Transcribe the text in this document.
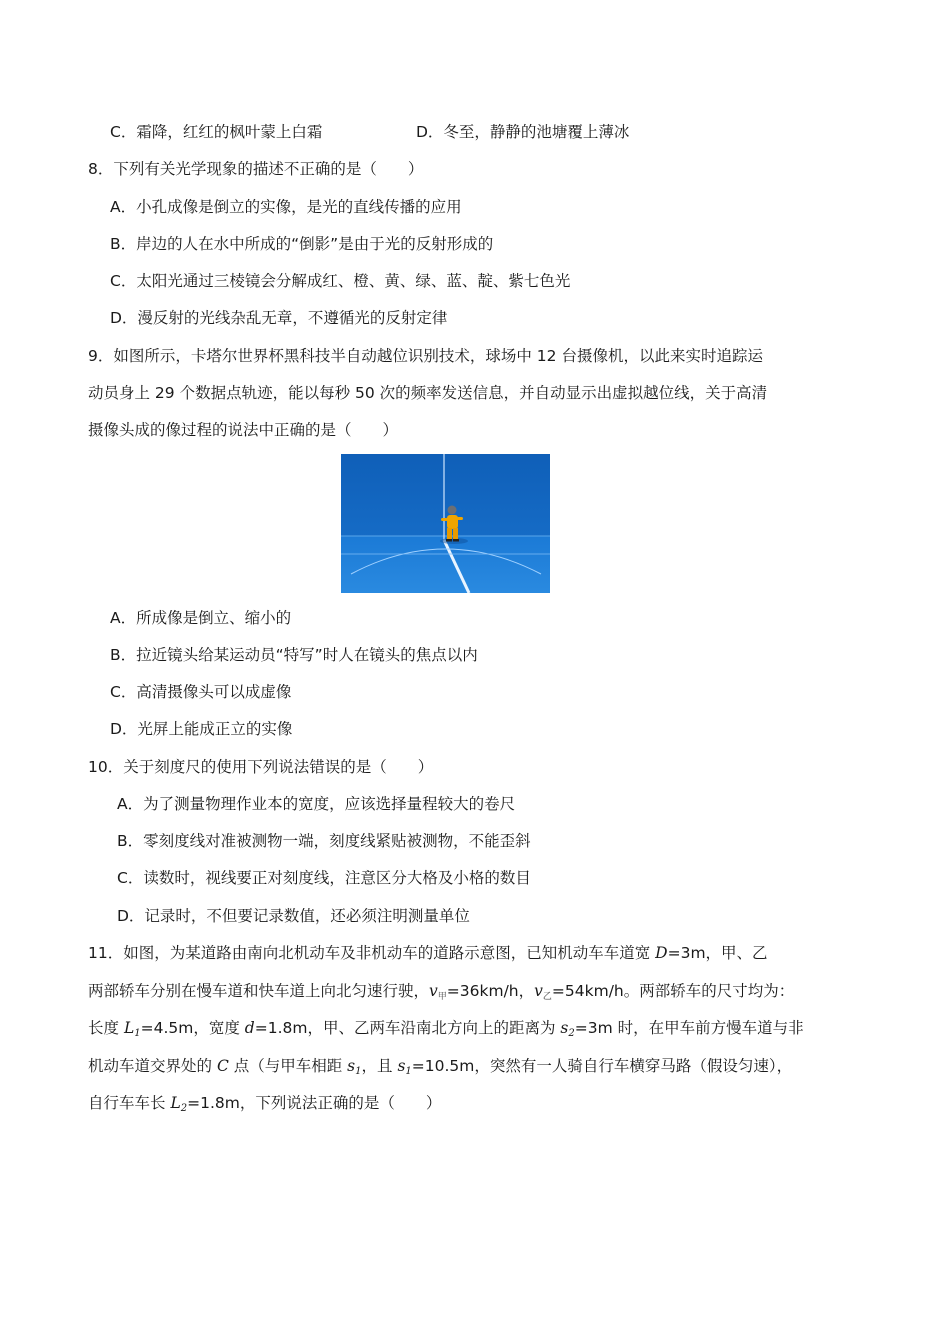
C．霜降，红红的枫叶蒙上白霜	D．冬至，静静的池塘覆上薄冰
8．下列有关光学现象的描述不正确的是（　　）
A．小孔成像是倒立的实像，是光的直线传播的应用
B．岸边的人在水中所成的“倒影”是由于光的反射形成的
C．太阳光通过三棱镜会分解成红、橙、黄、绿、蓝、靛、紫七色光
D．漫反射的光线杂乱无章，不遵循光的反射定律
9．如图所示，卡塔尔世界杯黑科技半自动越位识别技术，球场中 12 台摄像机，以此来实时追踪运
动员身上 29 个数据点轨迹，能以每秒 50 次的频率发送信息，并自动显示出虚拟越位线，关于高清
摄像头成的像过程的说法中正确的是（　　）
A．所成像是倒立、缩小的
B．拉近镜头给某运动员“特写”时人在镜头的焦点以内
C．高清摄像头可以成虚像
D．光屏上能成正立的实像
10．关于刻度尺的使用下列说法错误的是（　　）
A．为了测量物理作业本的宽度，应该选择量程较大的卷尺
B．零刻度线对准被测物一端，刻度线紧贴被测物，不能歪斜
C．读数时，视线要正对刻度线，注意区分大格及小格的数目
D．记录时，不但要记录数值，还必须注明测量单位
11．如图，为某道路由南向北机动车及非机动车的道路示意图，已知机动车车道宽 D=3m，甲、乙
两部轿车分别在慢车道和快车道上向北匀速行驶，v甲=36km/h，v乙=54km/h。两部轿车的尺寸均为：
长度 $L_1=4.5m$，宽度 d=1.8m，甲、乙两车沿南北方向上的距离为 $s_2=3m$ 时，在甲车前方慢车道与非
机动车道交界处的 C 点（与甲车相距 $s_1$，且 $s_1=10.5m$，突然有一人骑自行车横穿马路（假设匀速），
自行车车长 $L_2=1.8m$，下列说法正确的是（　　）
